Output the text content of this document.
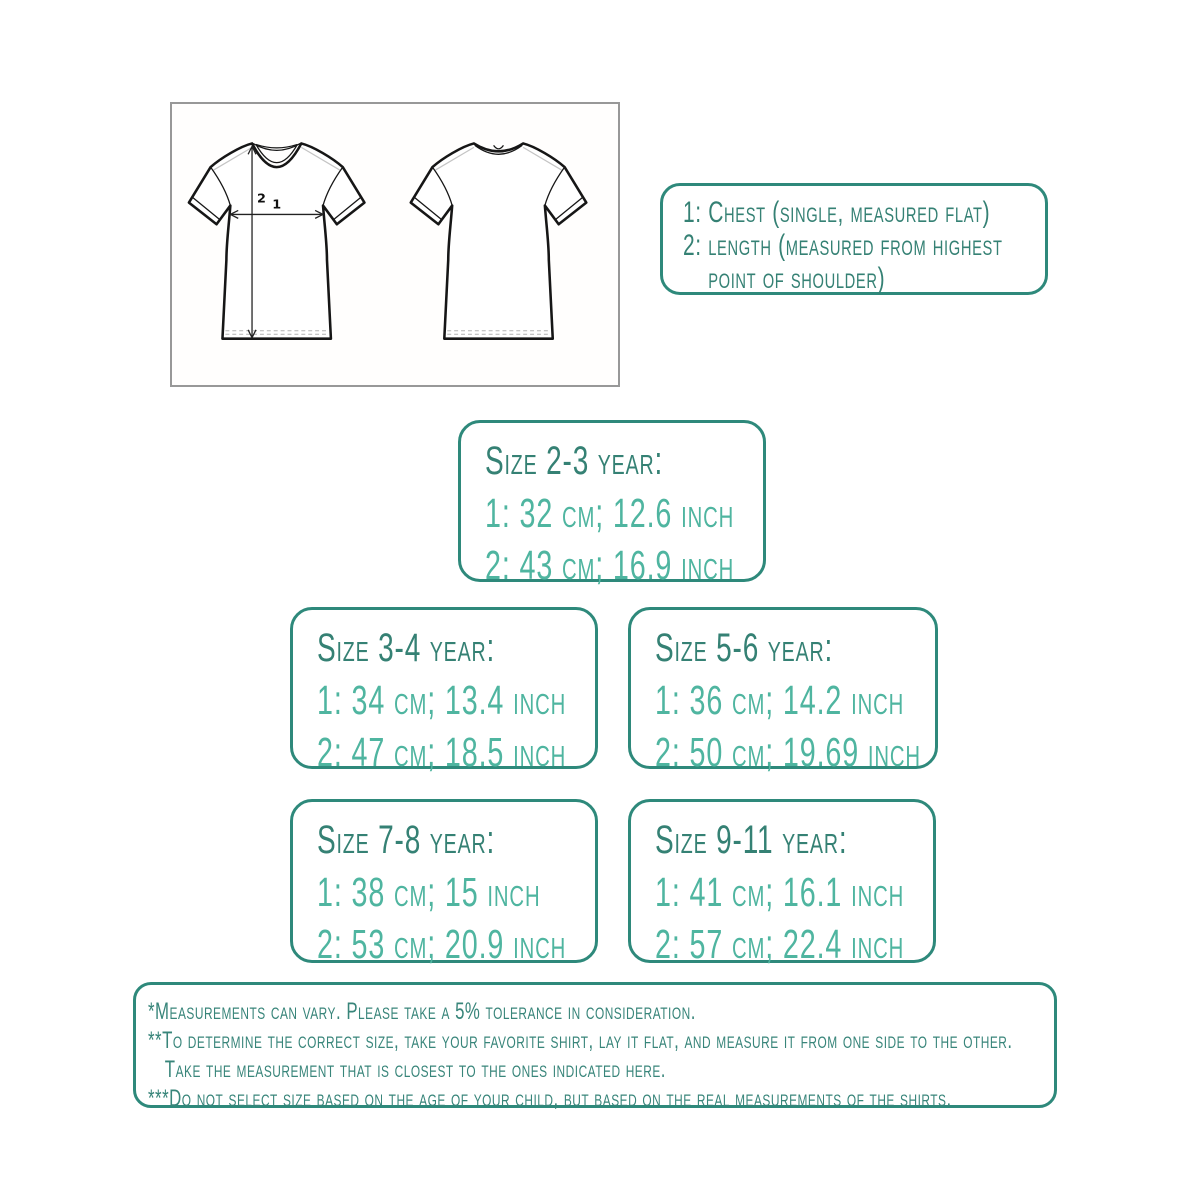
2 1	1: Chest (single, measured flat)
2: length (measured from highest
point of shoulder)
Size 2-3 year:
1: 32 cm; 12.6 inch
2: 43 cm; 16.9 inch
Size 3-4 year:
1: 34 cm; 13.4 inch
2: 47 cm; 18.5 inch
Size 5-6 year:
1: 36 cm; 14.2 inch
2: 50 cm; 19.69 inch
Size 7-8 year:
1: 38 cm; 15 inch
2: 53 cm; 20.9 inch
Size 9-11 year:
1: 41 cm; 16.1 inch
2: 57 cm; 22.4 inch
*Measurements can vary. Please take a 5% tolerance in consideration.
**To determine the correct size, take your favorite shirt, lay it flat, and measure it from one side to the other.
Take the measurement that is closest to the ones indicated here.
***Do not select size based on the age of your child, but based on the real measurements of the shirts.
